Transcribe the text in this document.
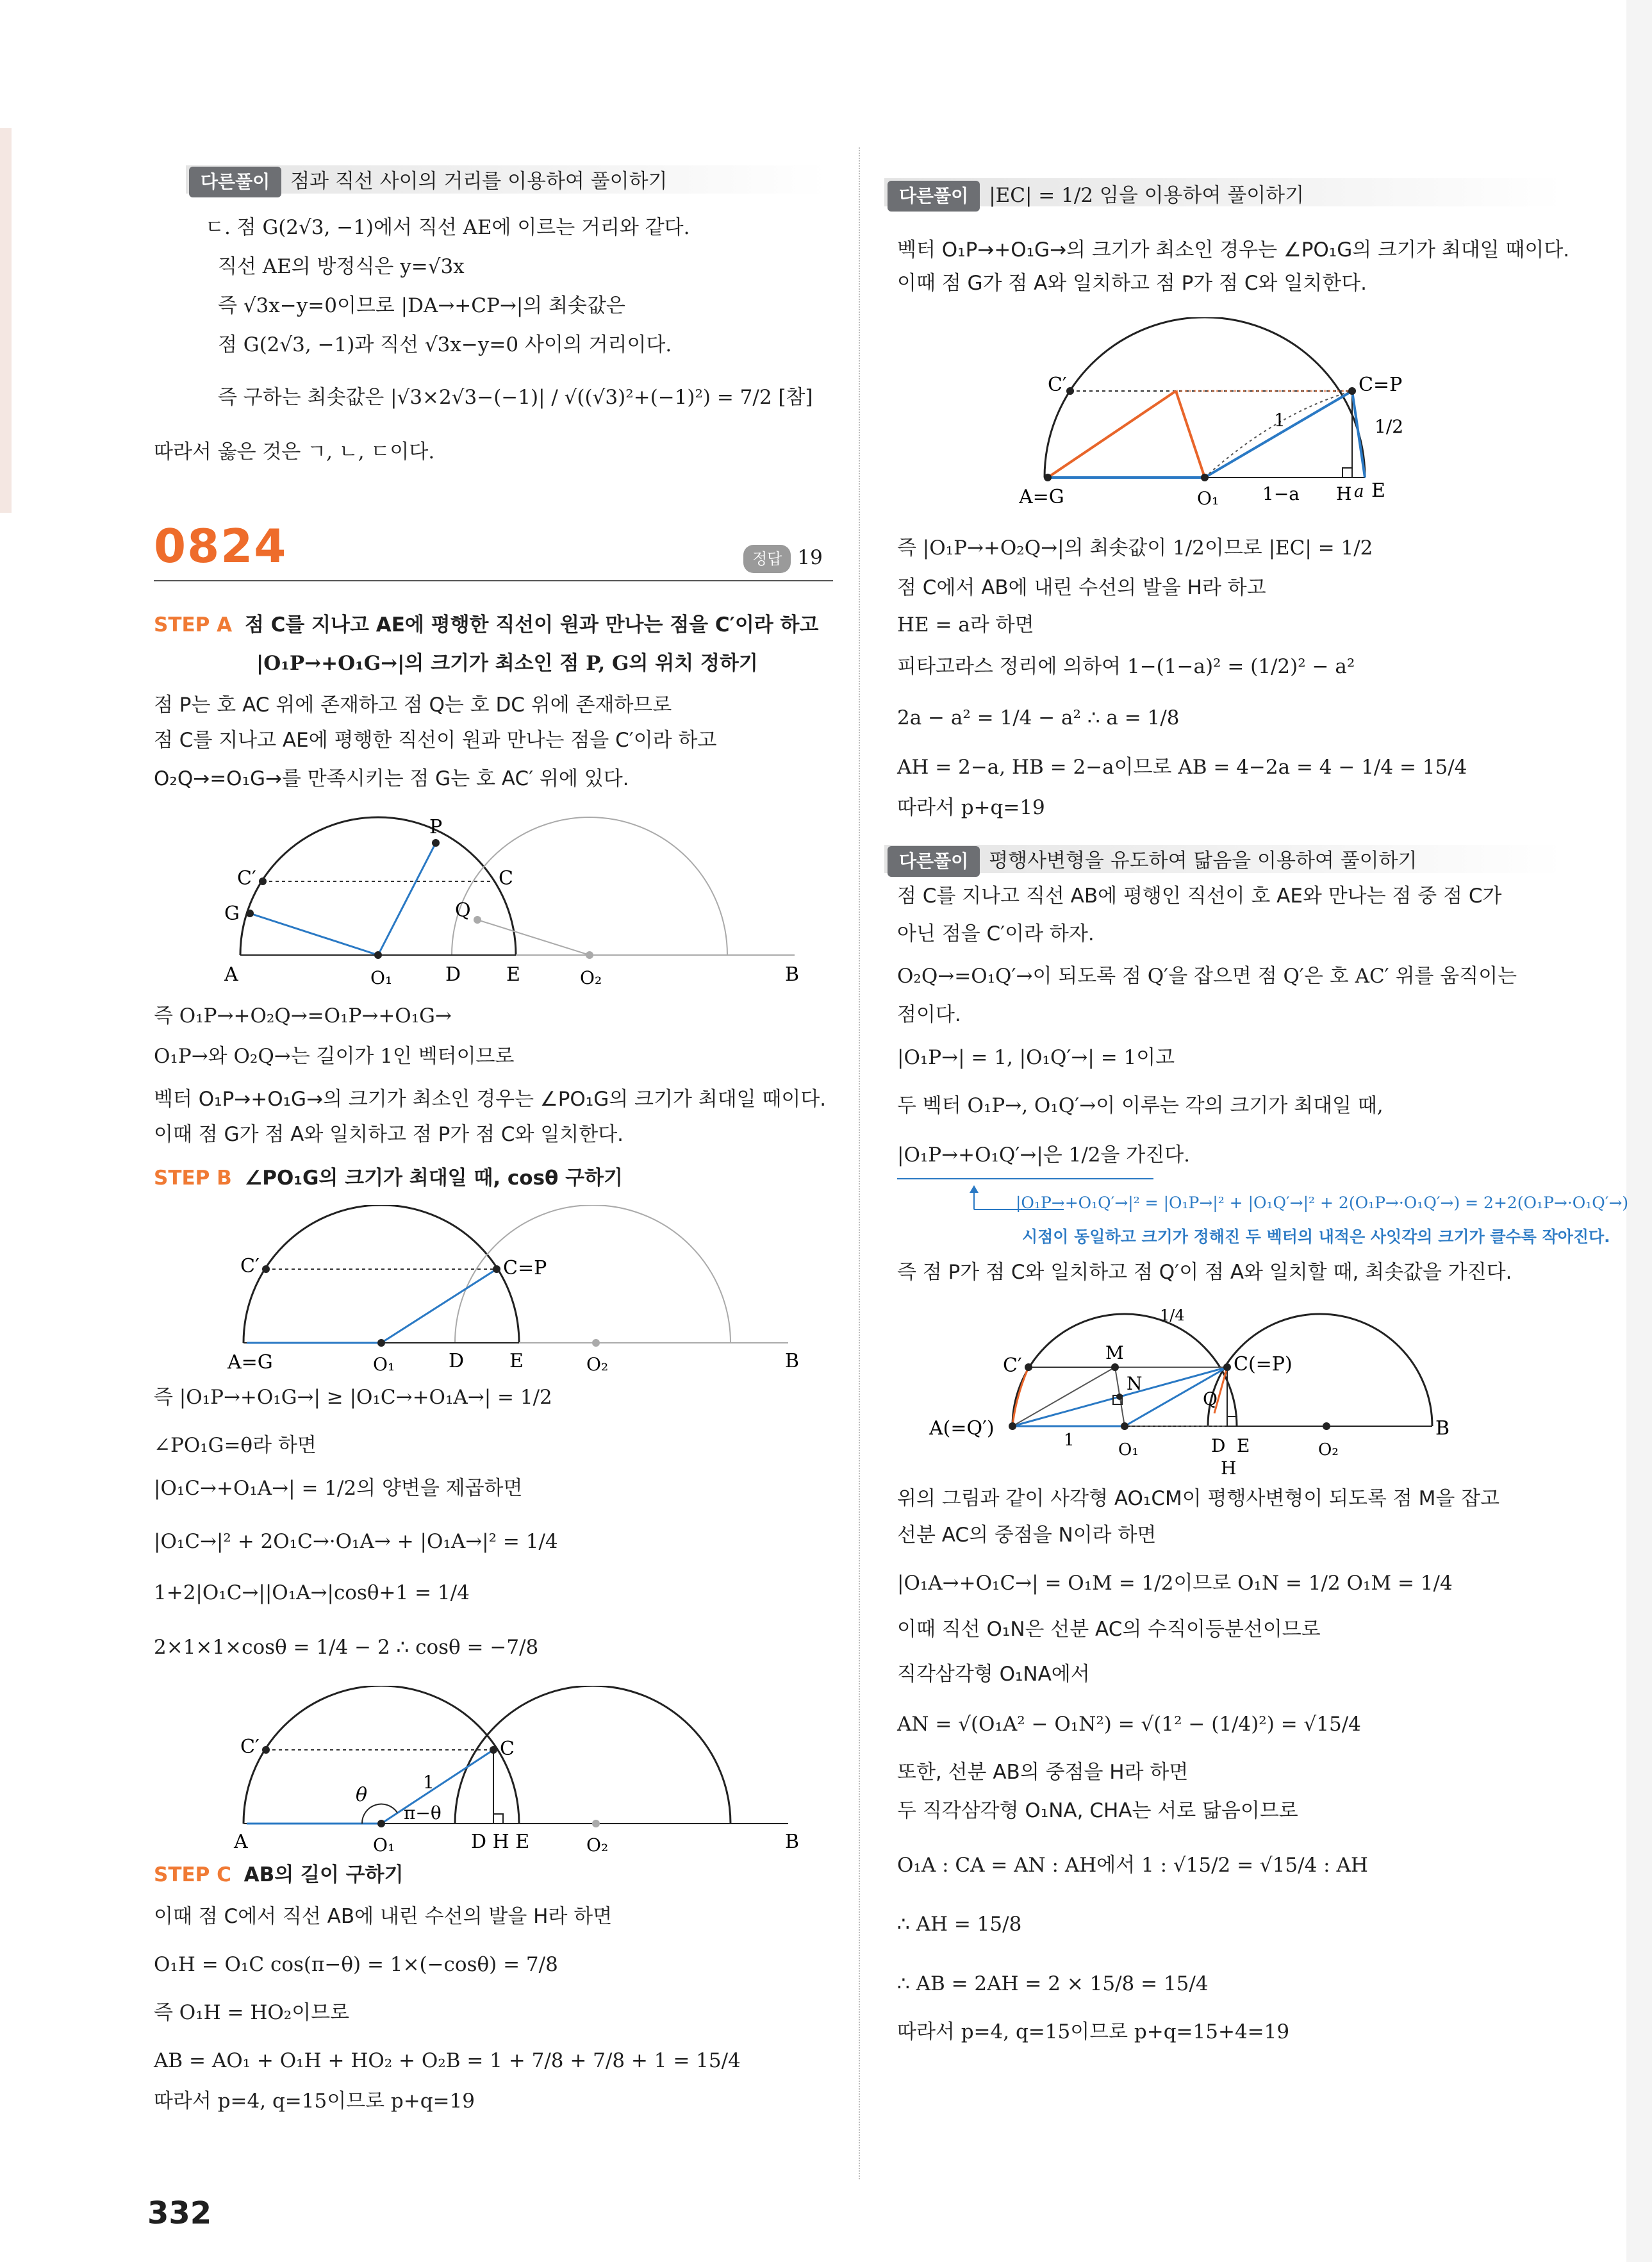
다른풀이 점과 직선 사이의 거리를 이용하여 풀이하기
ㄷ. 점 G(2√3, −1)에서 직선 AE에 이르는 거리와 같다.
직선 AE의 방정식은 y=√3x
즉 √3x−y=0이므로 |DA→+CP→|의 최솟값은
점 G(2√3, −1)과 직선 √3x−y=0 사이의 거리이다.
즉 구하는 최솟값은 |√3×2√3−(−1)| / √((√3)²+(−1)²) = 7/2 [참]
따라서 옳은 것은 ㄱ, ㄴ, ㄷ이다.
0824	정답 19
STEP A 점 C를 지나고 AE에 평행한 직선이 원과 만나는 점을 C′이라 하고
|O₁P→+O₁G→|의 크기가 최소인 점 P, G의 위치 정하기
점 P는 호 AC 위에 존재하고 점 Q는 호 DC 위에 존재하므로
점 C를 지나고 AE에 평행한 직선이 원과 만나는 점을 C′이라 하고
O₂Q→=O₁G→를 만족시키는 점 G는 호 AC′ 위에 있다.
P
C′	C
G	Q
A	O₁	D E	O₂	B
즉 O₁P→+O₂Q→=O₁P→+O₁G→
O₁P→와 O₂Q→는 길이가 1인 벡터이므로
벡터 O₁P→+O₁G→의 크기가 최소인 경우는 ∠PO₁G의 크기가 최대일 때이다.
이때 점 G가 점 A와 일치하고 점 P가 점 C와 일치한다.
STEP B ∠PO₁G의 크기가 최대일 때, cosθ 구하기
C′	C=P
A=G	O₁	D E	O₂	B
즉 |O₁P→+O₁G→| ≥ |O₁C→+O₁A→| = 1/2
∠PO₁G=θ라 하면
|O₁C→+O₁A→| = 1/2의 양변을 제곱하면
|O₁C→|² + 2O₁C→·O₁A→ + |O₁A→|² = 1/4
1+2|O₁C→||O₁A→|cosθ+1 = 1/4
2×1×1×cosθ = 1/4 − 2 ∴ cosθ = −7/8
C′	C
θ
1
π−θ
A	O₁	D H E	O₂	B
STEP C AB의 길이 구하기
이때 점 C에서 직선 AB에 내린 수선의 발을 H라 하면
O₁H = O₁C cos(π−θ) = 1×(−cosθ) = 7/8
즉 O₁H = HO₂이므로
AB = AO₁ + O₁H + HO₂ + O₂B = 1 + 7/8 + 7/8 + 1 = 15/4
따라서 p=4, q=15이므로 p+q=19
다른풀이 |EC| = 1/2 임을 이용하여 풀이하기
벡터 O₁P→+O₁G→의 크기가 최소인 경우는 ∠PO₁G의 크기가 최대일 때이다.
이때 점 G가 점 A와 일치하고 점 P가 점 C와 일치한다.
C′	C=P
1	1/2
A=G	O₁ 1−a H a E
즉 |O₁P→+O₂Q→|의 최솟값이 1/2이므로 |EC| = 1/2
점 C에서 AB에 내린 수선의 발을 H라 하고
HE = a라 하면
피타고라스 정리에 의하여 1−(1−a)² = (1/2)² − a²
2a − a² = 1/4 − a² ∴ a = 1/8
AH = 2−a, HB = 2−a이므로 AB = 4−2a = 4 − 1/4 = 15/4
따라서 p+q=19
다른풀이 평행사변형을 유도하여 닮음을 이용하여 풀이하기
점 C를 지나고 직선 AB에 평행인 직선이 호 AE와 만나는 점 중 점 C가
아닌 점을 C′이라 하자.
O₂Q→=O₁Q′→이 되도록 점 Q′을 잡으면 점 Q′은 호 AC′ 위를 움직이는
점이다.
|O₁P→| = 1, |O₁Q′→| = 1이고
두 벡터 O₁P→, O₁Q′→이 이루는 각의 크기가 최대일 때,
|O₁P→+O₁Q′→|은 1/2을 가진다.
|O₁P→+O₁Q′→|² = |O₁P→|² + |O₁Q′→|² + 2(O₁P→·O₁Q′→) = 2+2(O₁P→·O₁Q′→)
시점이 동일하고 크기가 정해진 두 벡터의 내적은 사잇각의 크기가 클수록 작아진다.
즉 점 P가 점 C와 일치하고 점 Q′이 점 A와 일치할 때, 최솟값을 가진다.
1/4
C′
M
N
C(=P)
Q
A(=Q′)
1	O₁	D E	O₂
B
H
위의 그림과 같이 사각형 AO₁CM이 평행사변형이 되도록 점 M을 잡고
선분 AC의 중점을 N이라 하면
|O₁A→+O₁C→| = O₁M = 1/2이므로 O₁N = 1/2 O₁M = 1/4
이때 직선 O₁N은 선분 AC의 수직이등분선이므로
직각삼각형 O₁NA에서
AN = √(O₁A² − O₁N²) = √(1² − (1/4)²) = √15/4
또한, 선분 AB의 중점을 H라 하면
두 직각삼각형 O₁NA, CHA는 서로 닮음이므로
O₁A : CA = AN : AH에서 1 : √15/2 = √15/4 : AH
∴ AH = 15/8
∴ AB = 2AH = 2 × 15/8 = 15/4
따라서 p=4, q=15이므로 p+q=15+4=19
332
